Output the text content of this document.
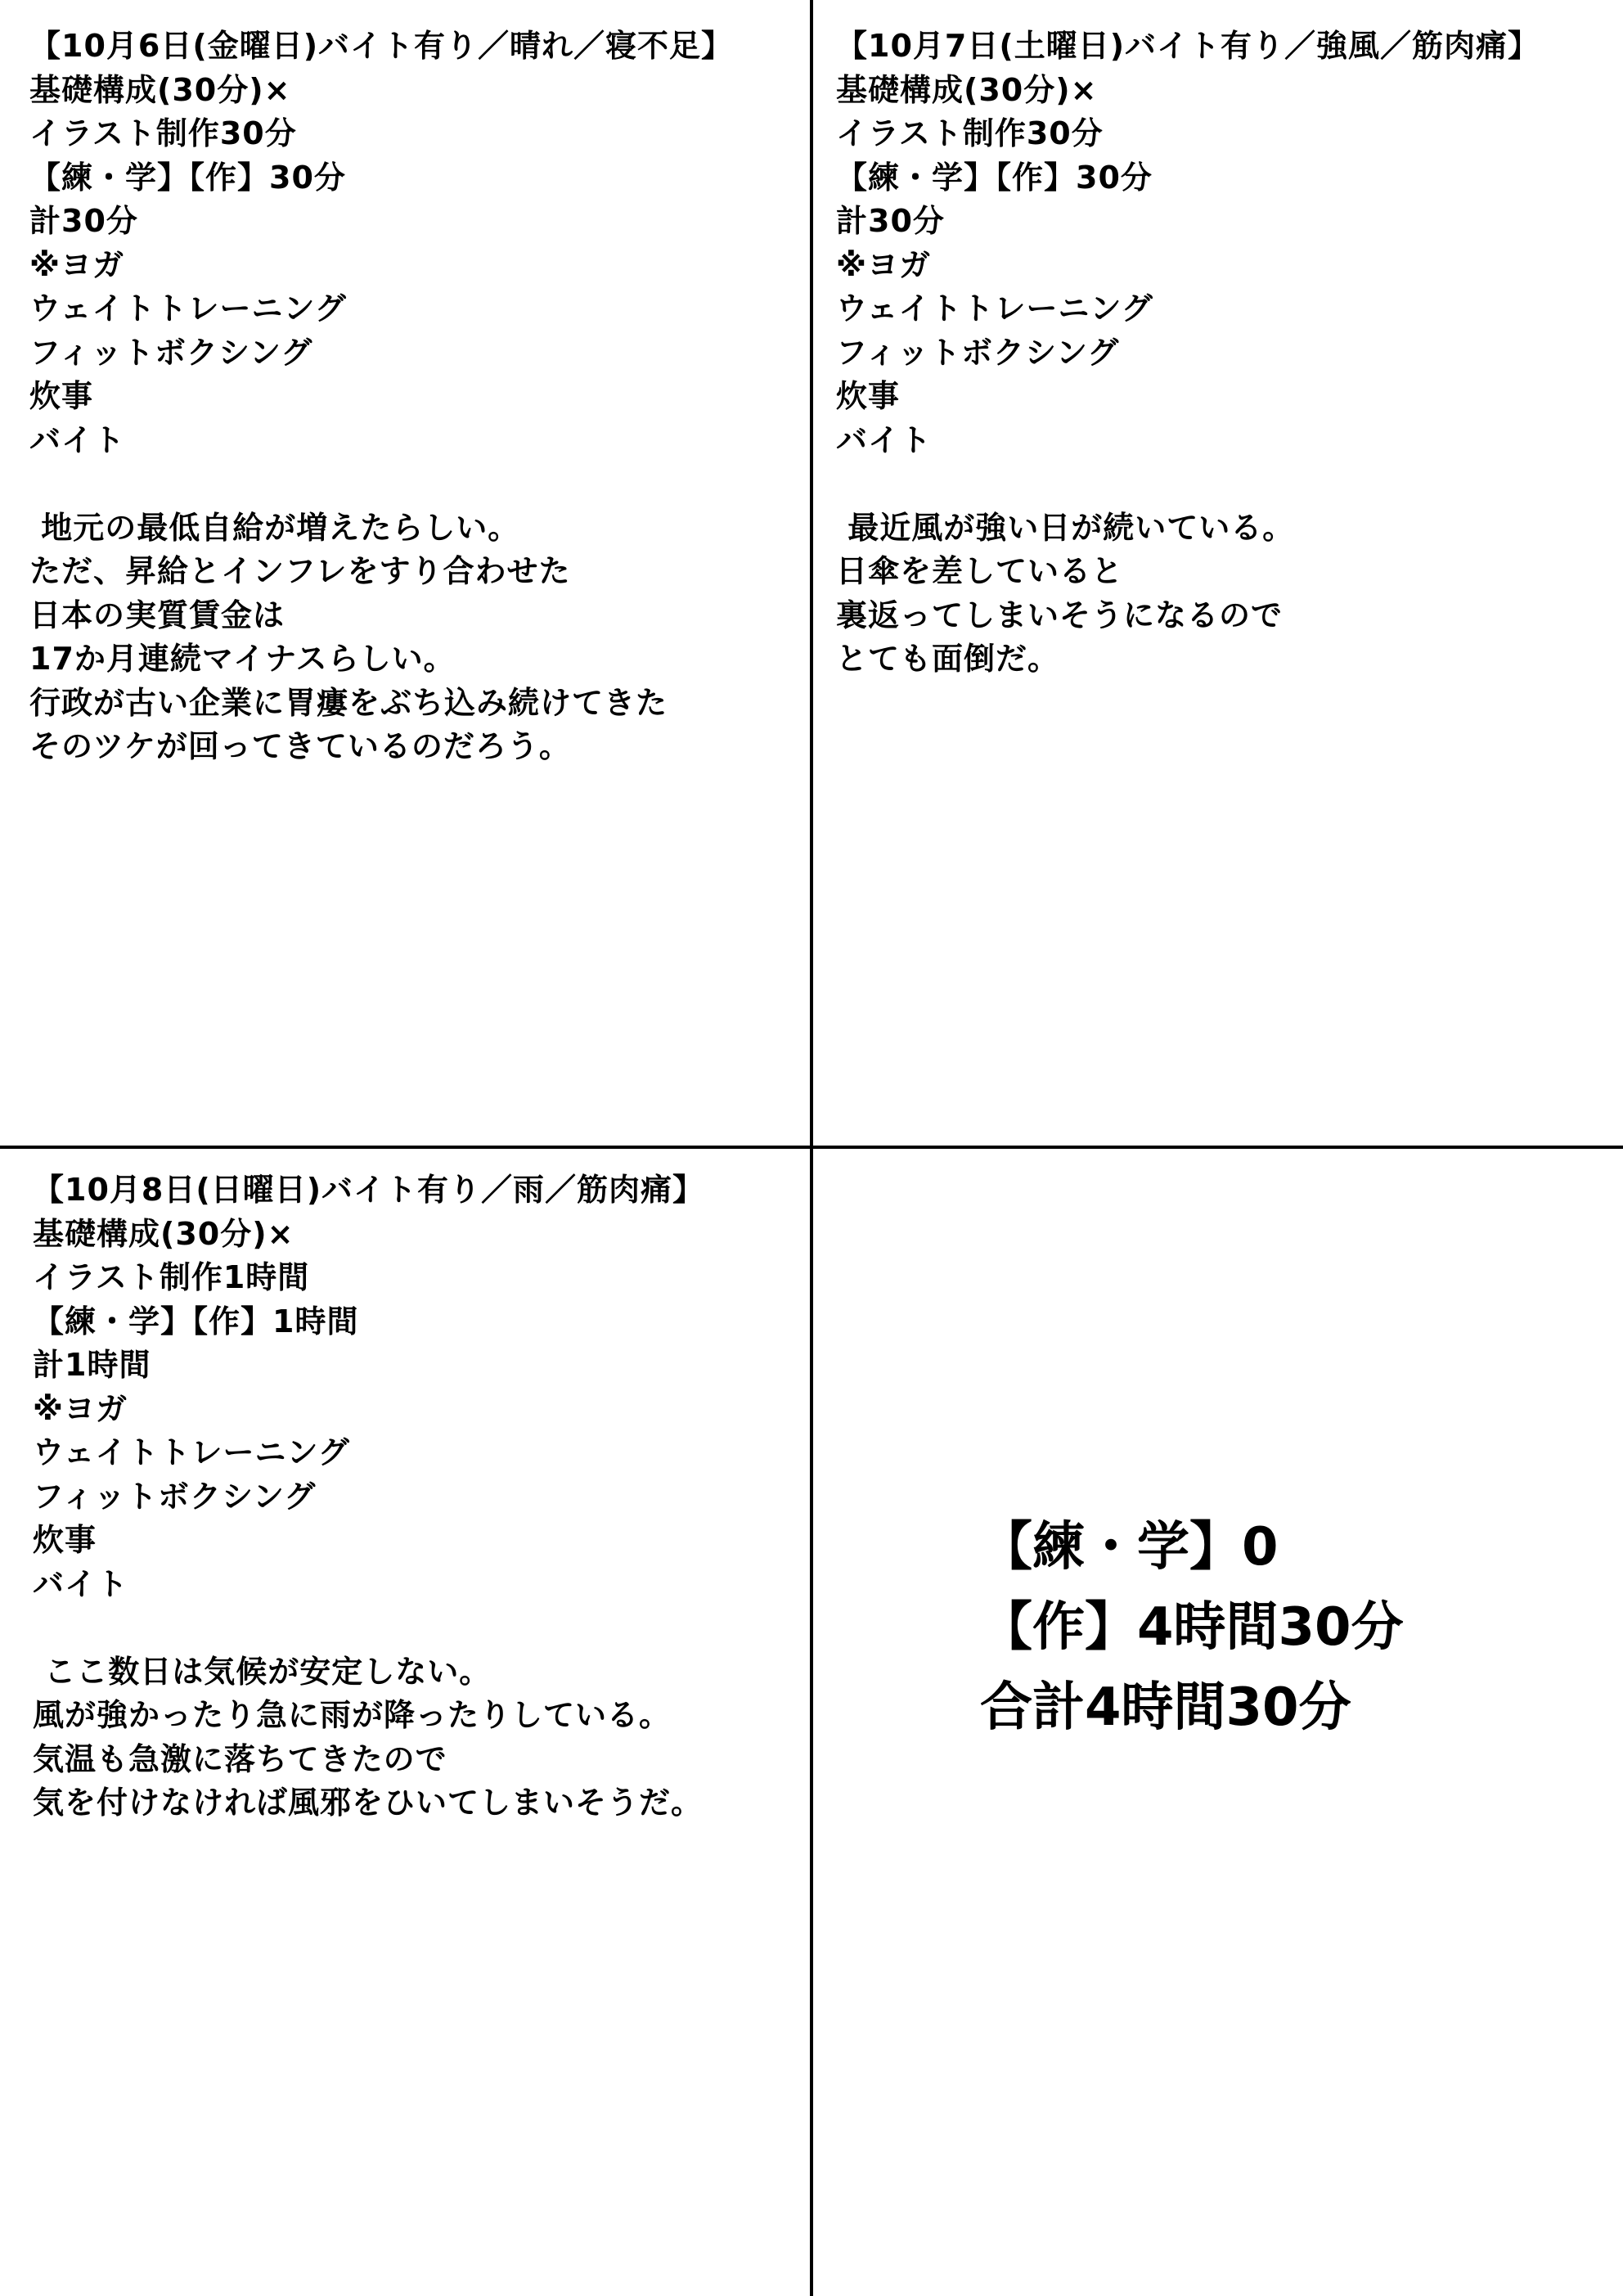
【10月6日(金曜日)バイト有り／晴れ／寝不足】
基礎構成(30分)×
イラスト制作30分
【練・学】【作】30分
計30分
※ヨガ
ウェイトトレーニング
フィットボクシング
炊事
バイト
地元の最低自給が増えたらしい。
ただ、昇給とインフレをすり合わせた
日本の実質賃金は
17か月連続マイナスらしい。
行政が古い企業に胃瘻をぶち込み続けてきた
そのツケが回ってきているのだろう。
【10月7日(土曜日)バイト有り／強風／筋肉痛】
基礎構成(30分)×
イラスト制作30分
【練・学】【作】30分
計30分
※ヨガ
ウェイトトレーニング
フィットボクシング
炊事
バイト
最近風が強い日が続いている。
日傘を差していると
裏返ってしまいそうになるので
とても面倒だ。
【10月8日(日曜日)バイト有り／雨／筋肉痛】
基礎構成(30分)×
イラスト制作1時間
【練・学】【作】1時間
計1時間
※ヨガ
ウェイトトレーニング
フィットボクシング
炊事
バイト
ここ数日は気候が安定しない。
風が強かったり急に雨が降ったりしている。
気温も急激に落ちてきたので
気を付けなければ風邪をひいてしまいそうだ。
【練・学】0
【作】4時間30分
合計4時間30分
